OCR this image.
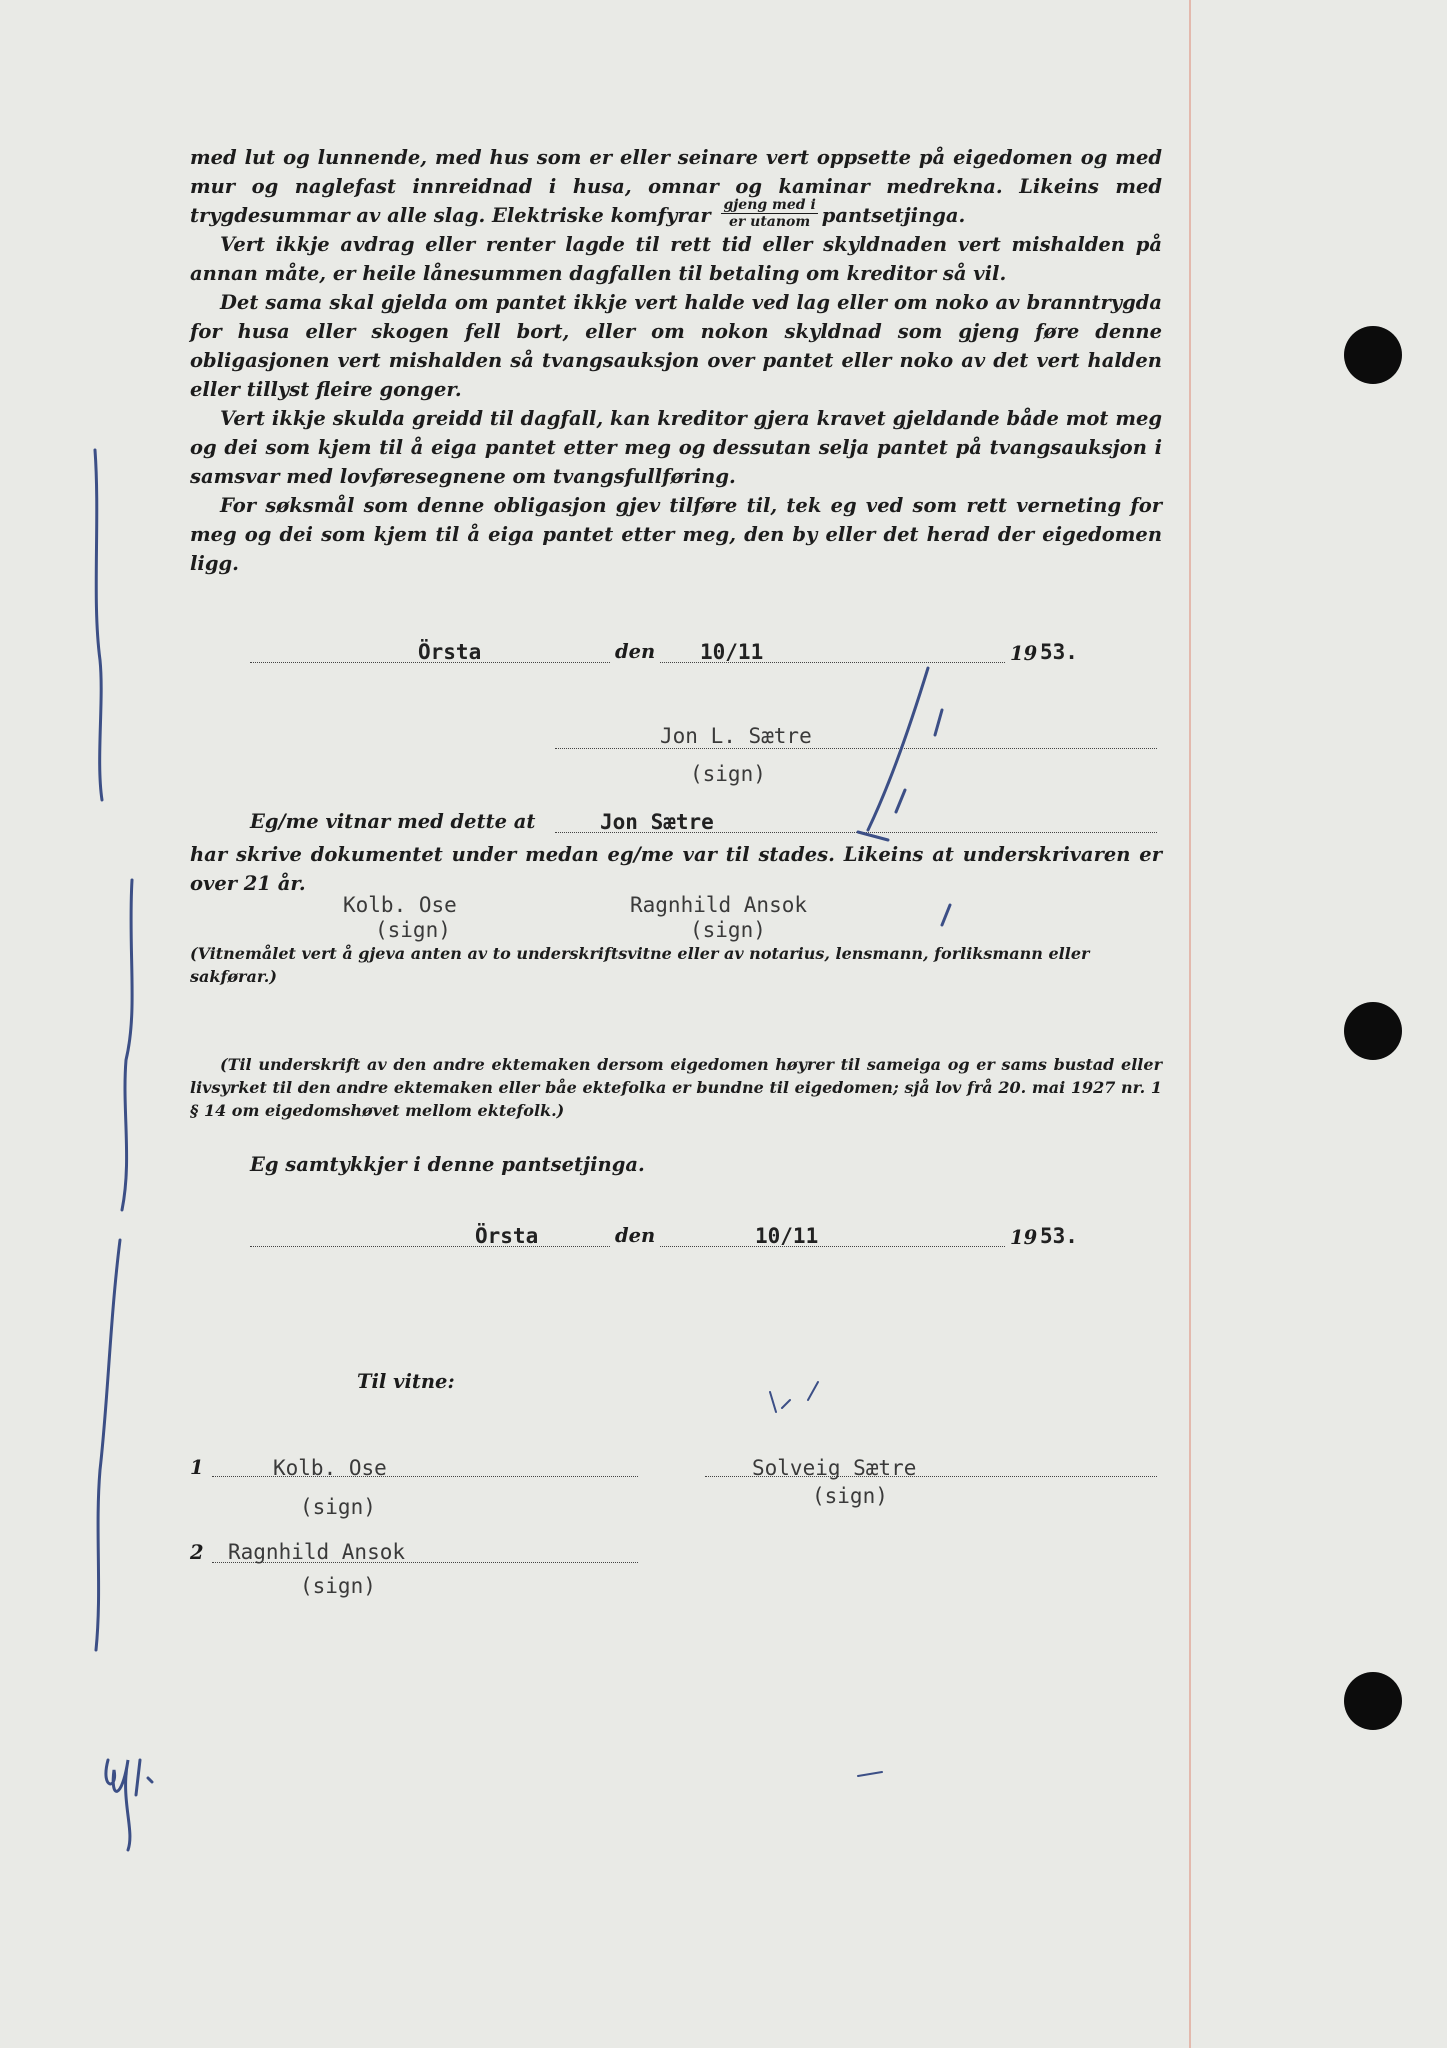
med lut og lunnende, med hus som er eller seinare vert oppsette på eigedomen og med mur og naglefast innreidnad i husa, omnar og kaminar medrekna. Likeins med trygdesummar av alle slag. Elektriske komfyrar $\frac{\text{gjeng med i}}{\text{er utanom}}$ pantsetjinga.

Vert ikkje avdrag eller renter lagde til rett tid eller skyldnaden vert mishalden på annan måte, er heile lånesummen dagfallen til betaling om kreditor så vil.

Det sama skal gjelda om pantet ikkje vert halde ved lag eller om noko av branntrygda for husa eller skogen fell bort, eller om nokon skyldnad som gjeng føre denne obligasjonen vert mishalden så tvangsauksjon over pantet eller noko av det vert halden eller tillyst fleire gonger.

Vert ikkje skulda greidd til dagfall, kan kreditor gjera kravet gjeldande både mot meg og dei som kjem til å eiga pantet etter meg og dessutan selja pantet på tvangsauksjon i samsvar med lovføresegnene om tvangsfullføring.

For søksmål som denne obligasjon gjev tilføre til, tek eg ved som rett verneting for meg og dei som kjem til å eiga pantet etter meg, den by eller det herad der eigedomen ligg.

Örsta	den 10/11	19 53.
Jon L. Sætre
(sign)
Eg/me vitnar med dette at	Jon Sætre
har skrive dokumentet under medan eg/me var til stades. Likeins at underskrivaren er over 21 år.
Kolb. Ose
(sign)
Ragnhild Ansok
(sign)
(Vitnemålet vert å gjeva anten av to underskriftsvitne eller av notarius, lensmann, forliksmann eller sakførar.)
(Til underskrift av den andre ektemaken dersom eigedomen høyrer til sameiga og er sams bustad eller livsyrket til den andre ektemaken eller båe ektefolka er bundne til eigedomen; sjå lov frå 20. mai 1927 nr. 1 § 14 om eigedomshøvet mellom ektefolk.)
Eg samtykkjer i denne pantsetjinga.
Örsta	den	10/11	19 53.
Til vitne:
1	Kolb. Ose
(sign)
Solveig Sætre
(sign)
2 Ragnhild Ansok
(sign)
